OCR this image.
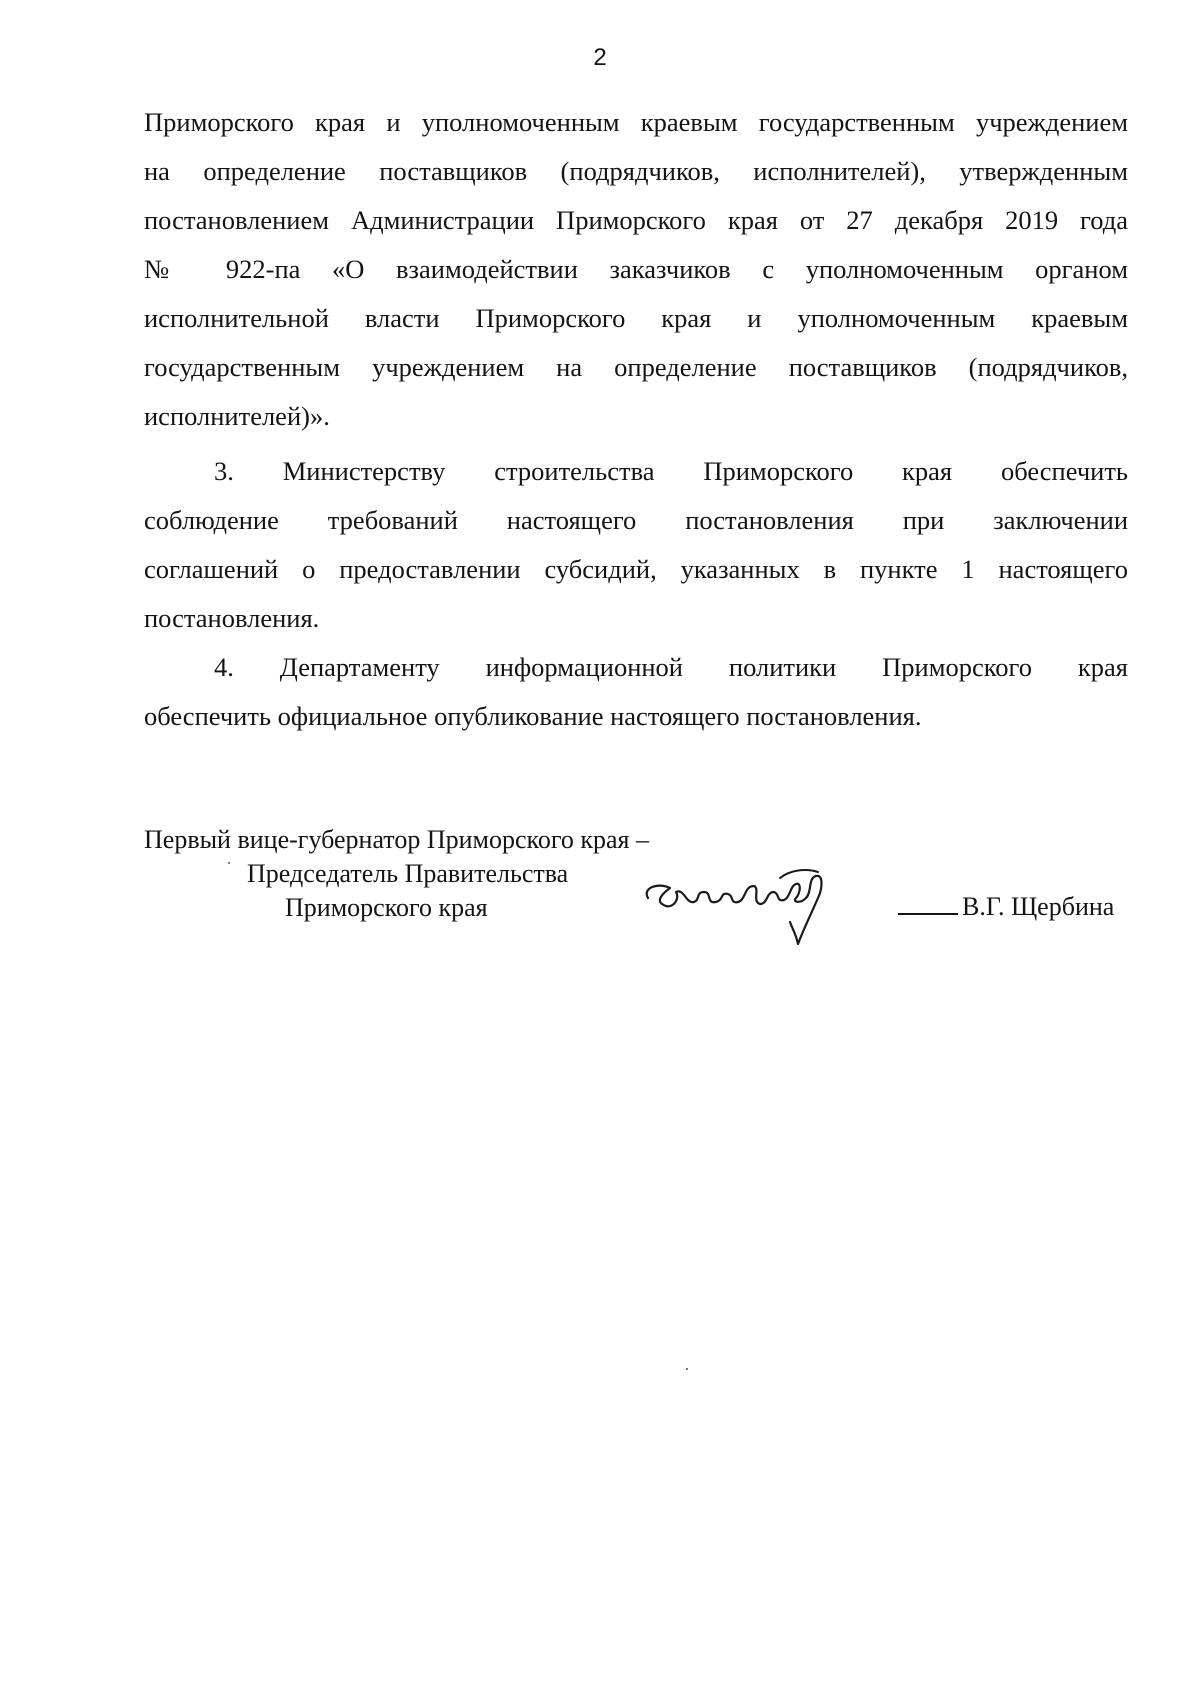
2
Приморского края и уполномоченным краевым государственным учреждением
на определение поставщиков (подрядчиков, исполнителей), утвержденным
постановлением Администрации Приморского края от 27 декабря 2019 года
№ 922-па «О взаимодействии заказчиков с уполномоченным органом
исполнительной власти Приморского края и уполномоченным краевым
государственным учреждением на определение поставщиков (подрядчиков,
исполнителей)».
3. Министерству строительства Приморского края обеспечить
соблюдение требований настоящего постановления при заключении
соглашений о предоставлении субсидий, указанных в пункте 1 настоящего
постановления.
4. Департаменту информационной политики Приморского края
обеспечить официальное опубликование настоящего постановления.
Первый вице-губернатор Приморского края –
Председатель Правительства
Приморского края	В.Г. Щербина
